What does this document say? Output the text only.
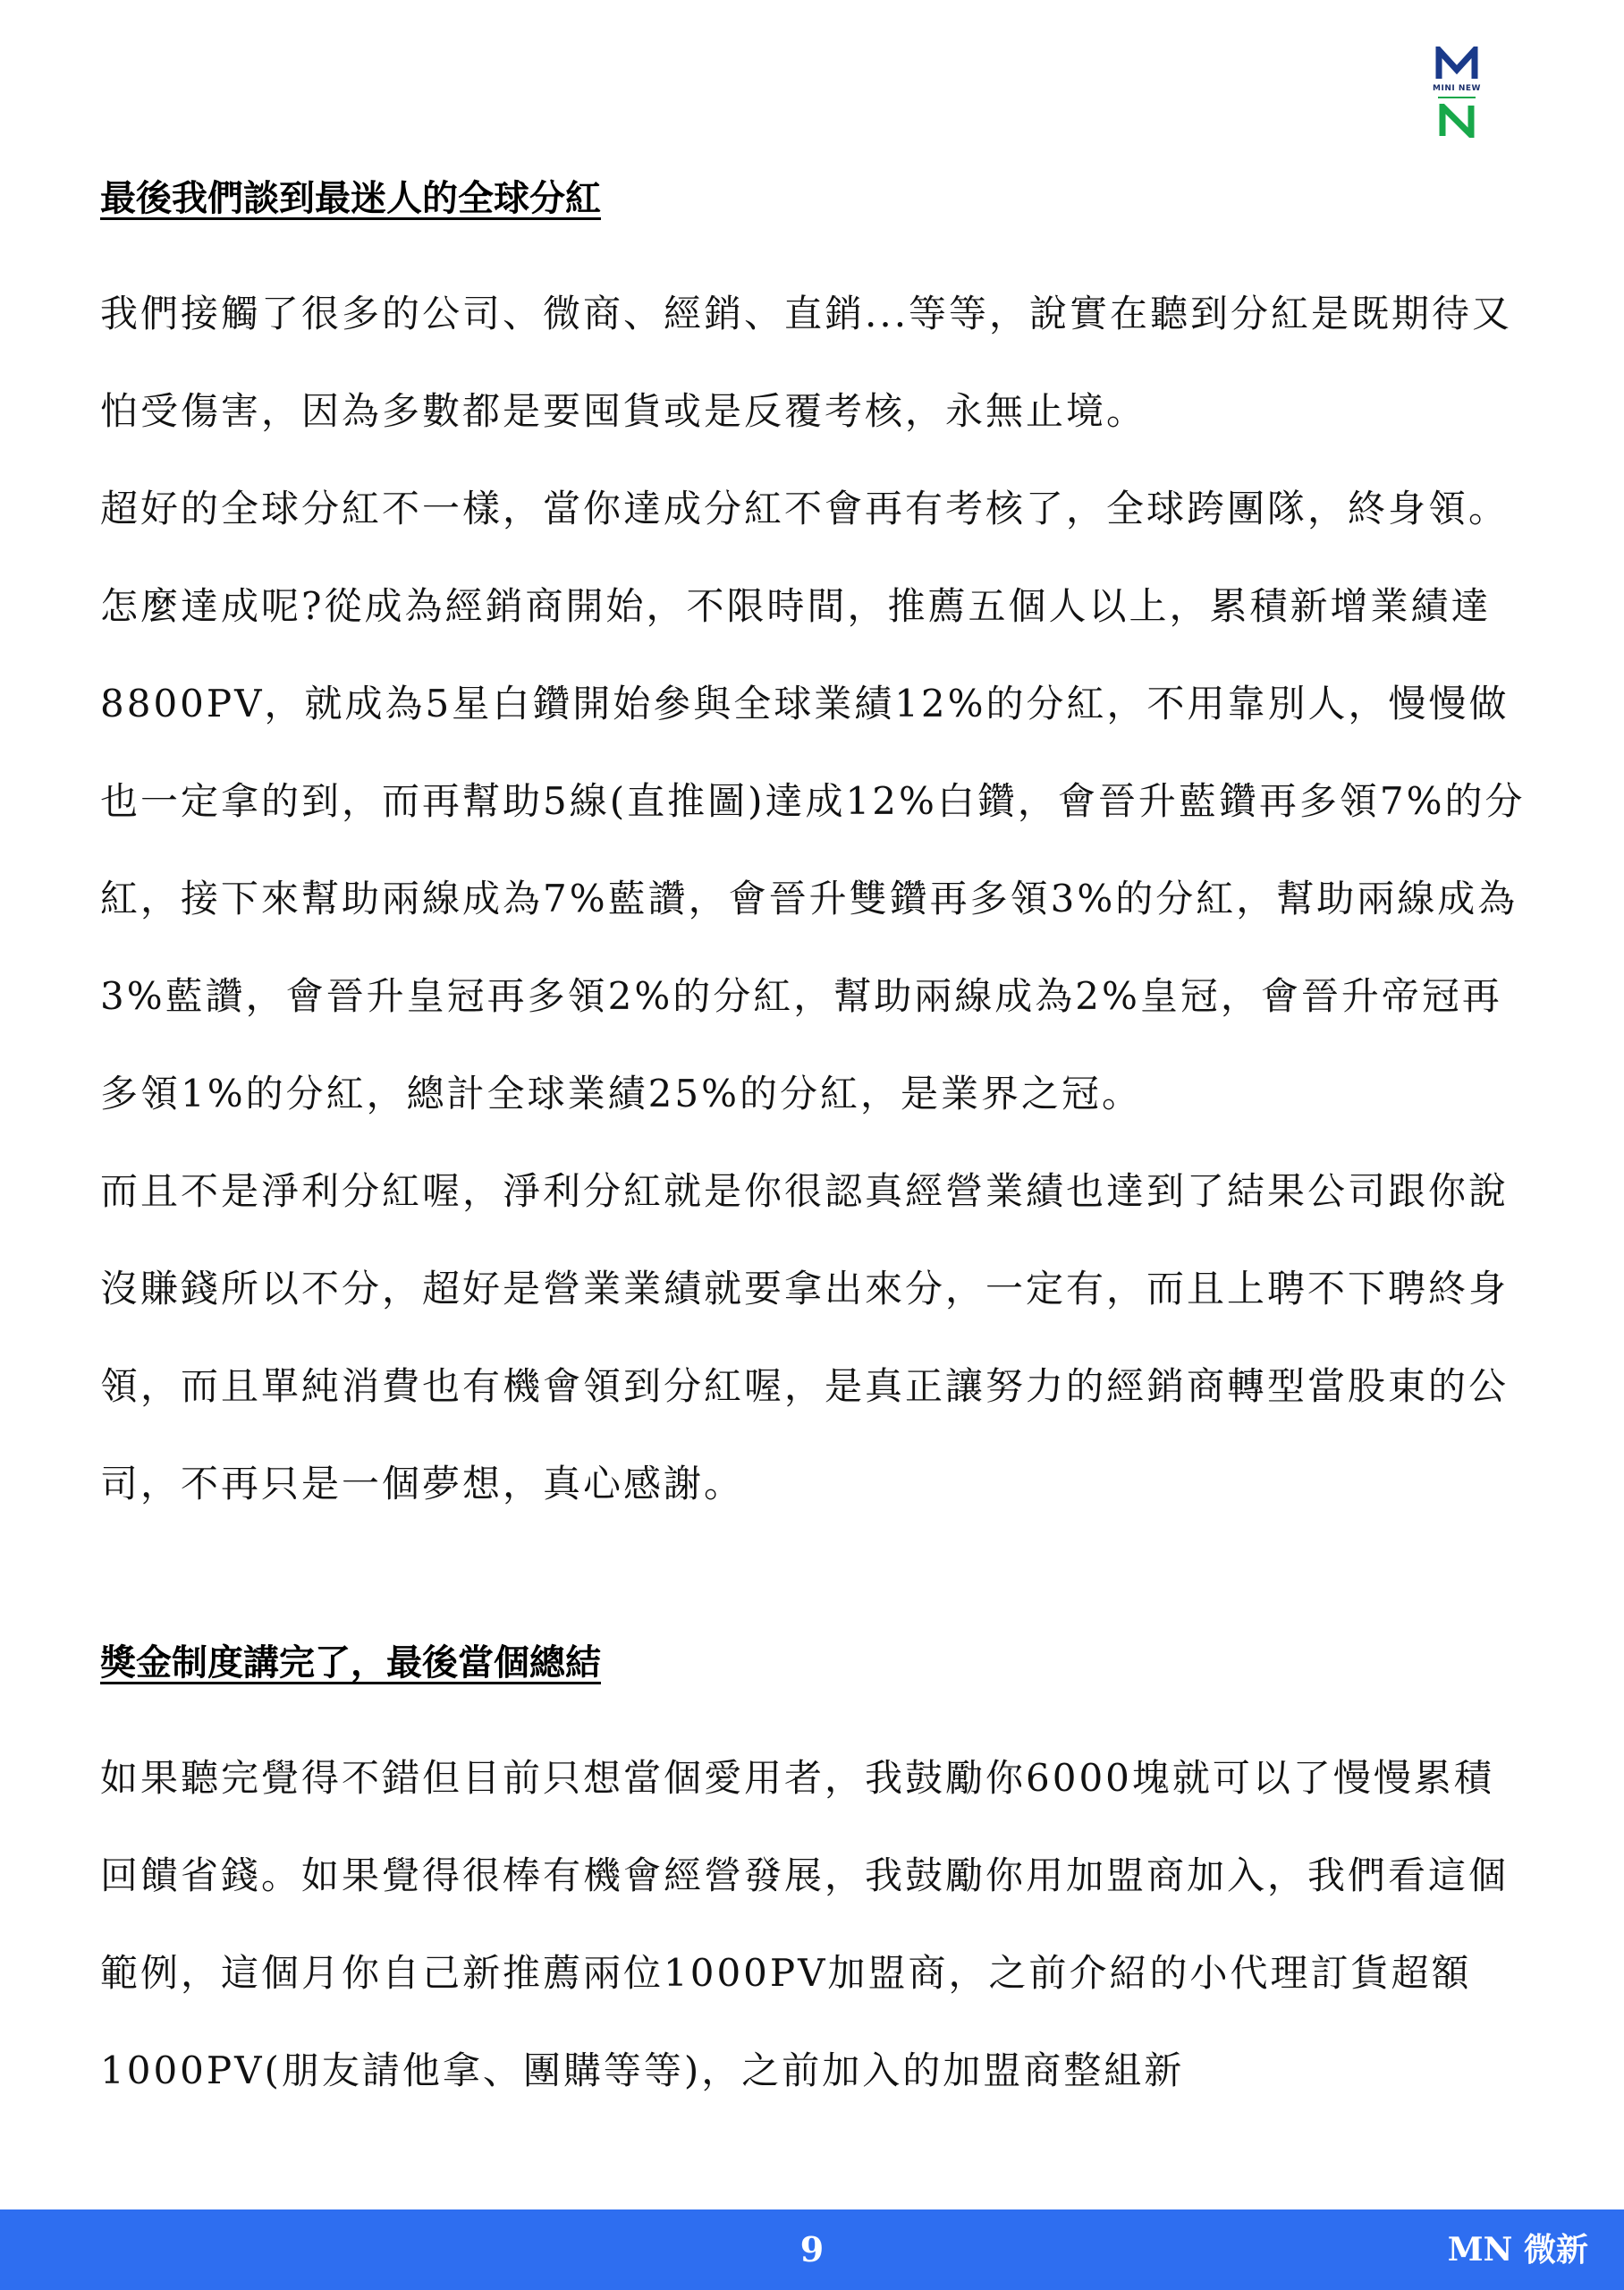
MINI NEW
最後我們談到最迷人的全球分紅

我們接觸了很多的公司、微商、經銷、直銷...等等，說實在聽到分紅是既期待又怕受傷害，因為多數都是要囤貨或是反覆考核，永無止境。

超好的全球分紅不一樣，當你達成分紅不會再有考核了，全球跨團隊，終身領。怎麼達成呢?從成為經銷商開始，不限時間，推薦五個人以上，累積新增業績達8800PV，就成為5星白鑽開始參與全球業績12%的分紅，不用靠別人，慢慢做也一定拿的到，而再幫助5線(直推圖)達成12%白鑽，會晉升藍鑽再多領7%的分紅，接下來幫助兩線成為7%藍讚，會晉升雙鑽再多領3%的分紅，幫助兩線成為3%藍讚，會晉升皇冠再多領2%的分紅，幫助兩線成為2%皇冠，會晉升帝冠再多領1%的分紅，總計全球業績25%的分紅，是業界之冠。

而且不是淨利分紅喔，淨利分紅就是你很認真經營業績也達到了結果公司跟你說沒賺錢所以不分，超好是營業業績就要拿出來分，一定有，而且上聘不下聘終身領，而且單純消費也有機會領到分紅喔，是真正讓努力的經銷商轉型當股東的公司，不再只是一個夢想，真心感謝。

獎金制度講完了，最後當個總結

如果聽完覺得不錯但目前只想當個愛用者，我鼓勵你6000塊就可以了慢慢累積回饋省錢。如果覺得很棒有機會經營發展，我鼓勵你用加盟商加入，我們看這個範例，這個月你自己新推薦兩位1000PV加盟商，之前介紹的小代理訂貨超額1000PV(朋友請他拿、團購等等)，之前加入的加盟商整組新

9	MN 微新
